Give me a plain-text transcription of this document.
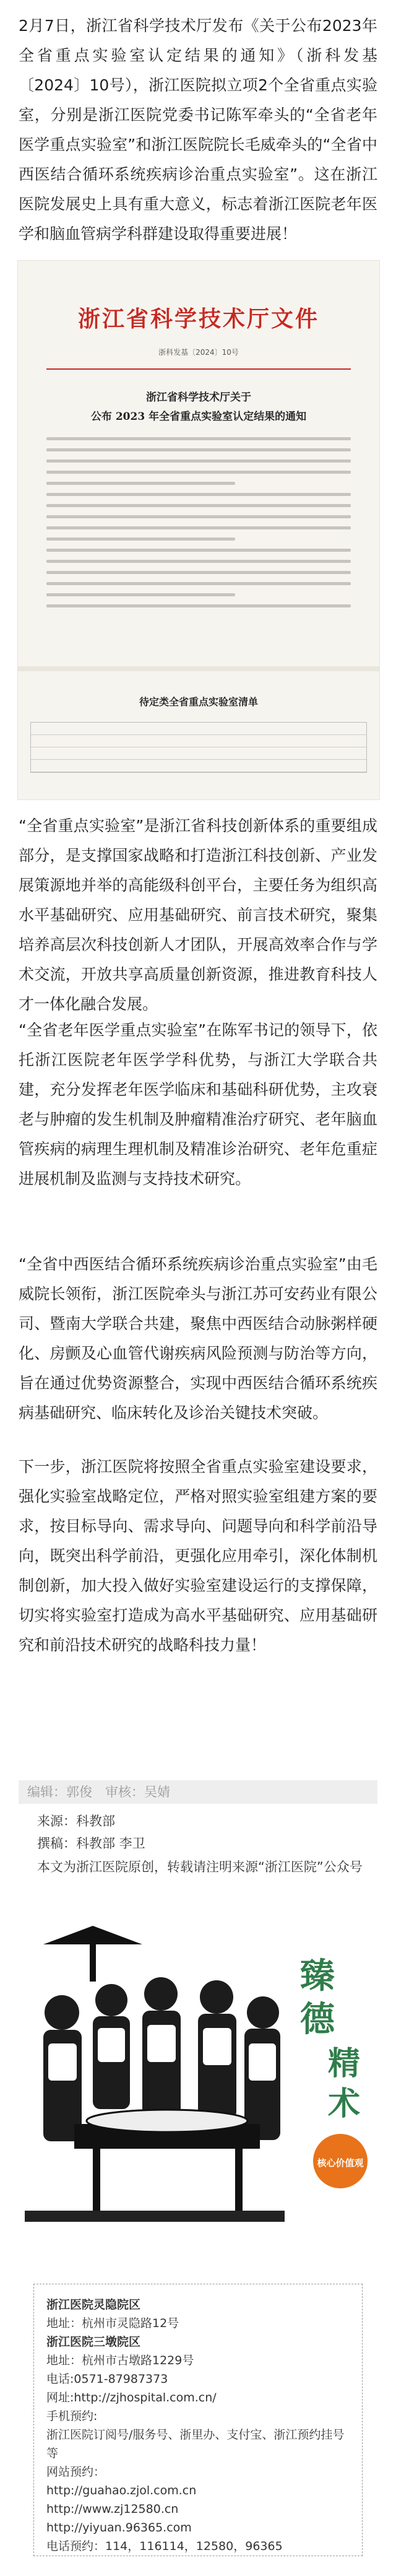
2月7日，浙江省科学技术厅发布《关于公布2023年全省重点实验室认定结果的通知》（浙科发基〔2024〕10号），浙江医院拟立项2个全省重点实验室，分别是浙江医院党委书记陈军牵头的“全省老年医学重点实验室”和浙江医院院长毛威牵头的“全省中西医结合循环系统疾病诊治重点实验室”。这在浙江医院发展史上具有重大意义，标志着浙江医院老年医学和脑血管病学科群建设取得重要进展！

浙江省科学技术厅文件
浙科发基〔2024〕10号
浙江省科学技术厅关于
公布 2023 年全省重点实验室认定结果的通知
待定类全省重点实验室清单

“全省重点实验室”是浙江省科技创新体系的重要组成部分，是支撑国家战略和打造浙江科技创新、产业发展策源地并举的高能级科创平台，主要任务为组织高水平基础研究、应用基础研究、前言技术研究，聚集培养高层次科技创新人才团队，开展高效率合作与学术交流，开放共享高质量创新资源，推进教育科技人才一体化融合发展。

“全省老年医学重点实验室”在陈军书记的领导下，依托浙江医院老年医学学科优势，与浙江大学联合共建，充分发挥老年医学临床和基础科研优势，主攻衰老与肿瘤的发生机制及肿瘤精准治疗研究、老年脑血管疾病的病理生理机制及精准诊治研究、老年危重症进展机制及监测与支持技术研究。

“全省中西医结合循环系统疾病诊治重点实验室”由毛威院长领衔，浙江医院牵头与浙江苏可安药业有限公司、暨南大学联合共建，聚焦中西医结合动脉粥样硬化、房颤及心血管代谢疾病风险预测与防治等方向，旨在通过优势资源整合，实现中西医结合循环系统疾病基础研究、临床转化及诊治关键技术突破。

下一步，浙江医院将按照全省重点实验室建设要求，强化实验室战略定位，严格对照实验室组建方案的要求，按目标导向、需求导向、问题导向和科学前沿导向，既突出科学前沿，更强化应用牵引，深化体制机制创新，加大投入做好实验室建设运行的支撑保障，切实将实验室打造成为高水平基础研究、应用基础研究和前沿技术研究的战略科技力量！

编辑：郭俊　审核：吴婧
来源：科教部
撰稿：科教部 李卫
本文为浙江医院原创，转载请注明来源“浙江医院”公众号
臻
德
精
术
核心价值观
浙江医院灵隐院区
地址：杭州市灵隐路12号
浙江医院三墩院区
地址：杭州市古墩路1229号
电话:0571-87987373
网址:http://zjhospital.com.cn/
手机预约:
浙江医院订阅号/服务号、浙里办、支付宝、浙江预约挂号等
网站预约：
http://guahao.zjol.com.cn
http://www.zj12580.cn
http://yiyuan.96365.com
电话预约：114，116114，12580，96365
